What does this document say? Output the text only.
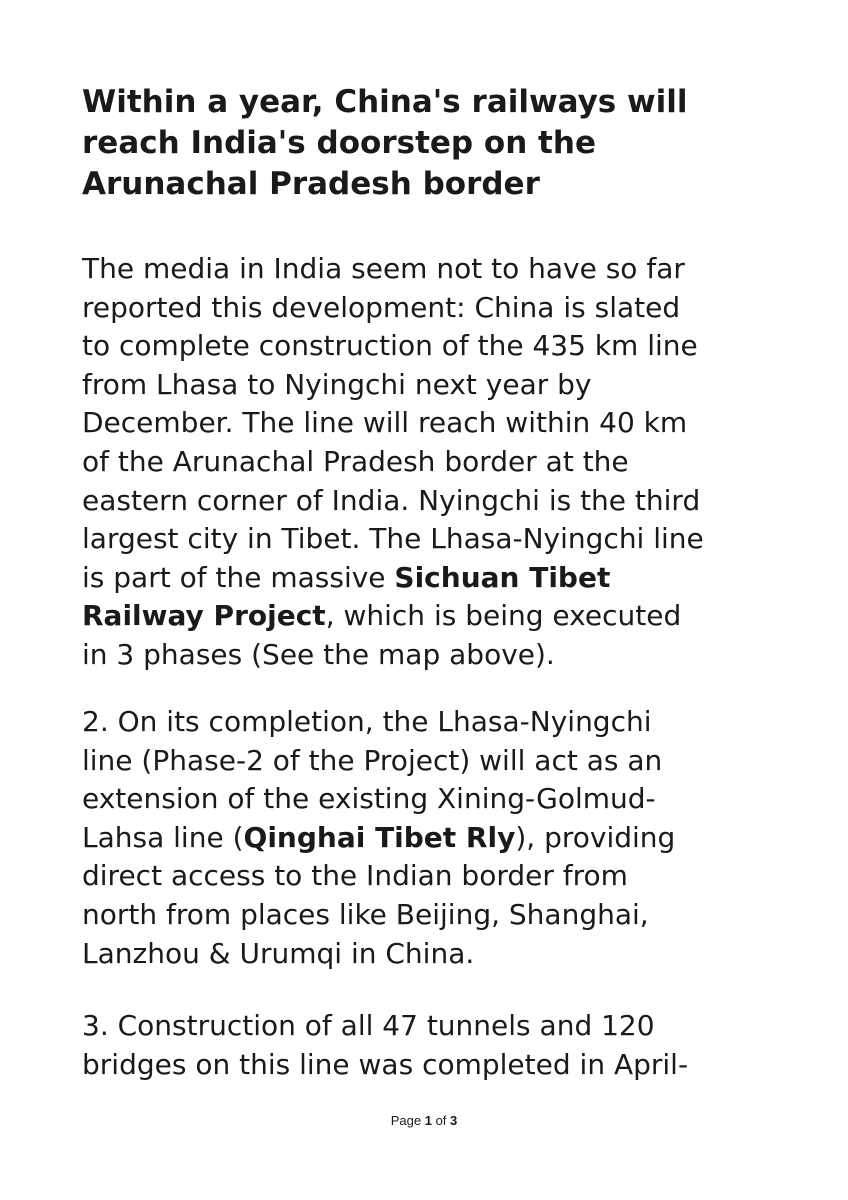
Within a year, China's railways will
reach India's doorstep on the
Arunachal Pradesh border

The media in India seem not to have so far
reported this development: China is slated
to complete construction of the 435 km line
from Lhasa to Nyingchi next year by
December. The line will reach within 40 km
of the Arunachal Pradesh border at the
eastern corner of India. Nyingchi is the third
largest city in Tibet. The Lhasa-Nyingchi line
is part of the massive Sichuan Tibet
Railway Project, which is being executed
in 3 phases (See the map above).

2. On its completion, the Lhasa-Nyingchi
line (Phase-2 of the Project) will act as an
extension of the existing Xining-Golmud-
Lahsa line (Qinghai Tibet Rly), providing
direct access to the Indian border from
north from places like Beijing, Shanghai,
Lanzhou & Urumqi in China.

3. Construction of all 47 tunnels and 120
bridges on this line was completed in April-

Page 1 of 3
